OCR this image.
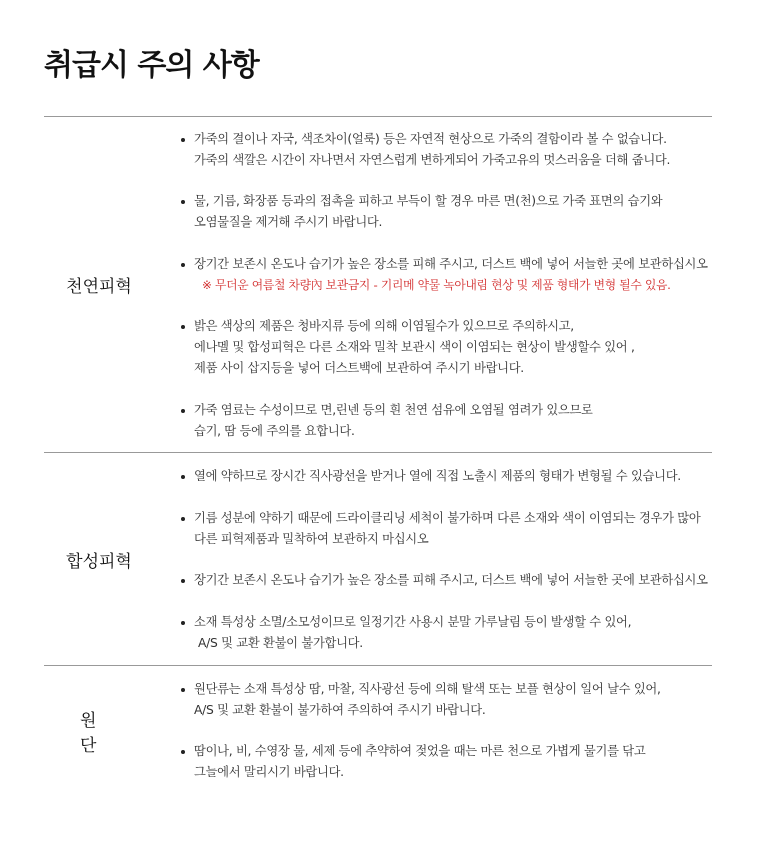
취급시 주의 사항
천연피혁
가죽의 결이나 자국, 색조차이(얼룩) 등은 자연적 현상으로 가죽의 결함이라 볼 수 없습니다.
가죽의 색깔은 시간이 자나면서 자연스럽게 변하게되어 가죽고유의 멋스러움을 더해 줍니다.
물, 기름, 화장품 등과의 접촉을 피하고 부득이 할 경우 마른 면(천)으로 가죽 표면의 습기와
오염물질을 제거해 주시기 바랍니다.
장기간 보존시 온도나 습기가 높은 장소를 피해 주시고, 더스트 백에 넣어 서늘한 곳에 보관하십시오
※ 무더운 여름철 차량內 보관금지 - 기리메 약물 녹아내림 현상 및 제품 형태가 변형 될수 있음.
밝은 색상의 제품은 청바지류 등에 의해 이염될수가 있으므로 주의하시고,
에나멜 및 합성피혁은 다른 소재와 밀착 보관시 색이 이염되는 현상이 발생할수 있어 ,
제품 사이 삽지등을 넣어 더스트백에 보관하여 주시기 바랍니다.
가죽 염료는 수성이므로 면,린넨 등의 흰 천연 섬유에 오염될 염려가 있으므로
습기, 땀 등에 주의를 요합니다.
합성피혁
열에 약하므로 장시간 직사광선을 받거나 열에 직접 노출시 제품의 형태가 변형될 수 있습니다.
기름 성분에 약하기 때문에 드라이클리닝 세척이 불가하며 다른 소재와 색이 이염되는 경우가 많아
다른 피혁제품과 밀착하여 보관하지 마십시오
장기간 보존시 온도나 습기가 높은 장소를 피해 주시고, 더스트 백에 넣어 서늘한 곳에 보관하십시오
소재 특성상 소멸/소모성이므로 일정기간 사용시 분말 가루날림 등이 발생할 수 있어,
A/S 및 교환 환불이 불가합니다.
원단
원단류는 소재 특성상 땀, 마찰, 직사광선 등에 의해 탈색 또는 보플 현상이 일어 날수 있어,
A/S 및 교환 환불이 불가하여 주의하여 주시기 바랍니다.
땀이나, 비, 수영장 물, 세제 등에 추약하여 젖었을 때는 마른 천으로 가볍게 물기를 닦고
그늘에서 말리시기 바랍니다.
